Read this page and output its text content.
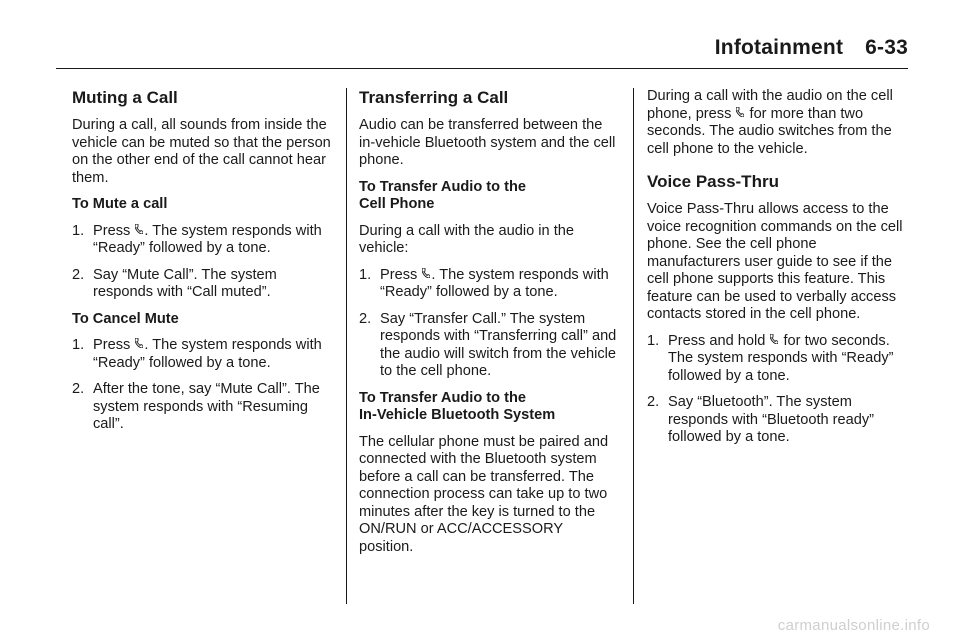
Infotainment 6-33
Muting a Call

During a call, all sounds from inside the vehicle can be muted so that the person on the other end of the call cannot hear them.

To Mute a call
1. Press . The system responds with “Ready” followed by a tone.
2. Say “Mute Call”. The system responds with “Call muted”.
To Cancel Mute
1. Press . The system responds with “Ready” followed by a tone.
2. After the tone, say “Mute Call”. The system responds with “Resuming call”.
Transferring a Call

Audio can be transferred between the in-vehicle Bluetooth system and the cell phone.

To Transfer Audio to the
Cell Phone

During a call with the audio in the vehicle:

1. Press . The system responds with “Ready” followed by a tone.
2. Say “Transfer Call.” The system responds with “Transferring call” and the audio will switch from the vehicle to the cell phone.
To Transfer Audio to the
In-Vehicle Bluetooth System

The cellular phone must be paired and connected with the Bluetooth system before a call can be transferred. The connection process can take up to two minutes after the key is turned to the ON/RUN or ACC/ACCESSORY position.

During a call with the audio on the cell phone, press for more than two seconds. The audio switches from the cell phone to the vehicle.

Voice Pass-Thru

Voice Pass-Thru allows access to the voice recognition commands on the cell phone. See the cell phone manufacturers user guide to see if the cell phone supports this feature. This feature can be used to verbally access contacts stored in the cell phone.

1. Press and hold for two seconds. The system responds with “Ready” followed by a tone.
2. Say “Bluetooth”. The system responds with “Bluetooth ready” followed by a tone.
carmanualsonline.info
